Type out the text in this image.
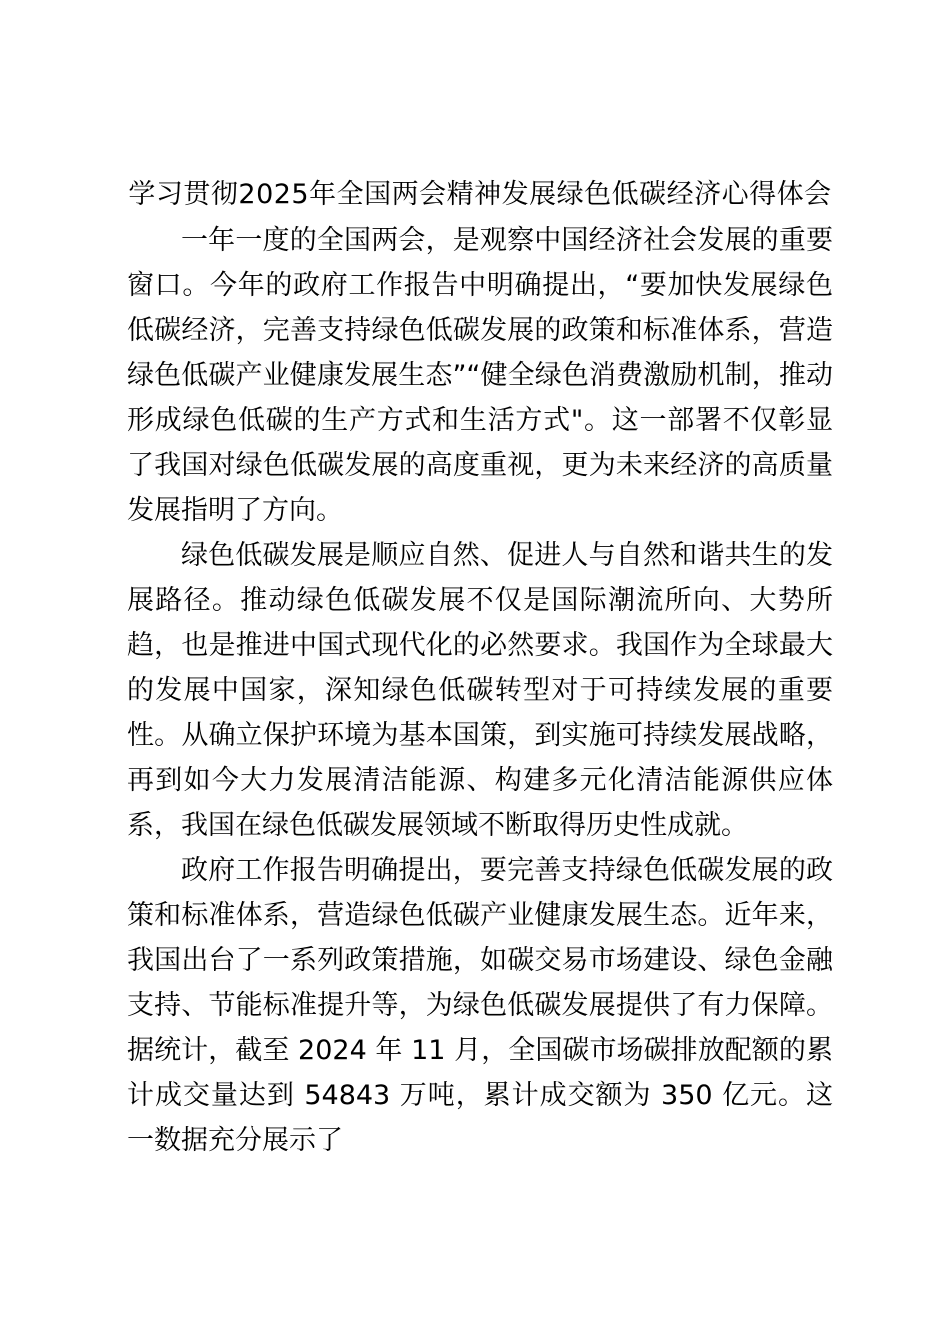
学习贯彻2025年全国两会精神发展绿色低碳经济心得体会

一年一度的全国两会，是观察中国经济社会发展的重要窗口。今年的政府工作报告中明确提出，“要加快发展绿色低碳经济，完善支持绿色低碳发展的政策和标准体系，营造绿色低碳产业健康发展生态”“健全绿色消费激励机制，推动形成绿色低碳的生产方式和生活方式"。这一部署不仅彰显了我国对绿色低碳发展的高度重视，更为未来经济的高质量发展指明了方向。

绿色低碳发展是顺应自然、促进人与自然和谐共生的发展路径。推动绿色低碳发展不仅是国际潮流所向、大势所趋，也是推进中国式现代化的必然要求。我国作为全球最大的发展中国家，深知绿色低碳转型对于可持续发展的重要性。从确立保护环境为基本国策，到实施可持续发展战略，再到如今大力发展清洁能源、构建多元化清洁能源供应体系，我国在绿色低碳发展领域不断取得历史性成就。

政府工作报告明确提出，要完善支持绿色低碳发展的政策和标准体系，营造绿色低碳产业健康发展生态。近年来，我国出台了一系列政策措施，如碳交易市场建设、绿色金融支持、节能标准提升等，为绿色低碳发展提供了有力保障。据统计，截至 2024 年 11 月，全国碳市场碳排放配额的累计成交量达到 54843 万吨，累计成交额为 350 亿元。这一数据充分展示了
